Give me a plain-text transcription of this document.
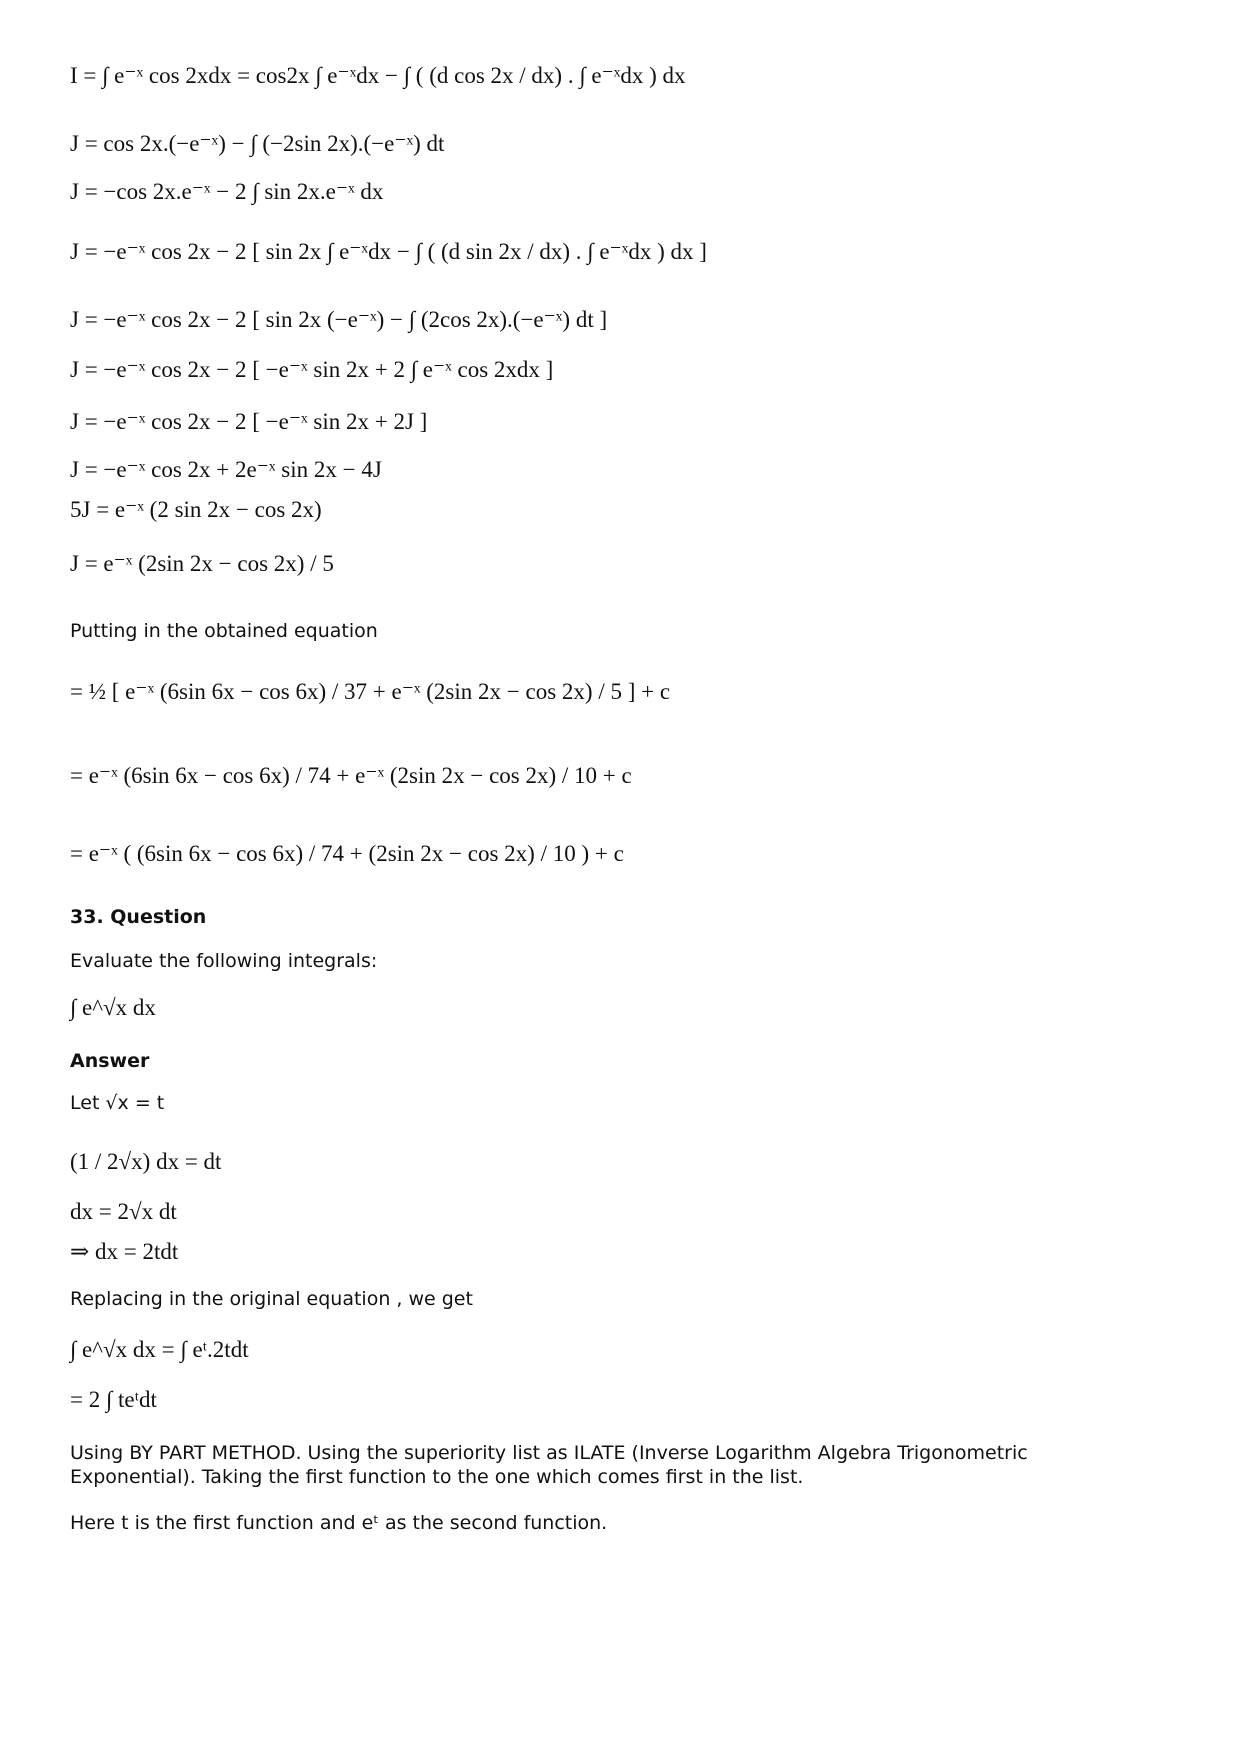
I = ∫ e⁻ˣ cos 2xdx = cos2x ∫ e⁻ˣdx − ∫ ( (d cos 2x / dx) . ∫ e⁻ˣdx ) dx
J = cos 2x.(−e⁻ˣ) − ∫ (−2sin 2x).(−e⁻ˣ) dt
J = −cos 2x.e⁻ˣ − 2 ∫ sin 2x.e⁻ˣ dx
J = −e⁻ˣ cos 2x − 2 [ sin 2x ∫ e⁻ˣdx − ∫ ( (d sin 2x / dx) . ∫ e⁻ˣdx ) dx ]
J = −e⁻ˣ cos 2x − 2 [ sin 2x (−e⁻ˣ) − ∫ (2cos 2x).(−e⁻ˣ) dt ]
J = −e⁻ˣ cos 2x − 2 [ −e⁻ˣ sin 2x + 2 ∫ e⁻ˣ cos 2xdx ]
J = −e⁻ˣ cos 2x − 2 [ −e⁻ˣ sin 2x + 2J ]
J = −e⁻ˣ cos 2x + 2e⁻ˣ sin 2x − 4J
5J = e⁻ˣ (2 sin 2x − cos 2x)
J = e⁻ˣ (2sin 2x − cos 2x) / 5
Putting in the obtained equation
= ½ [ e⁻ˣ (6sin 6x − cos 6x) / 37 + e⁻ˣ (2sin 2x − cos 2x) / 5 ] + c
= e⁻ˣ (6sin 6x − cos 6x) / 74 + e⁻ˣ (2sin 2x − cos 2x) / 10 + c
= e⁻ˣ ( (6sin 6x − cos 6x) / 74 + (2sin 2x − cos 2x) / 10 ) + c
33. Question
Evaluate the following integrals:
∫ e^√x dx
Answer
Let √x = t
(1 / 2√x) dx = dt
dx = 2√x dt
⇒ dx = 2tdt
Replacing in the original equation , we get
∫ e^√x dx = ∫ eᵗ.2tdt
= 2 ∫ teᵗdt
Using BY PART METHOD. Using the superiority list as ILATE (Inverse Logarithm Algebra Trigonometric Exponential). Taking the first function to the one which comes first in the list.
Here t is the first function and eᵗ as the second function.
